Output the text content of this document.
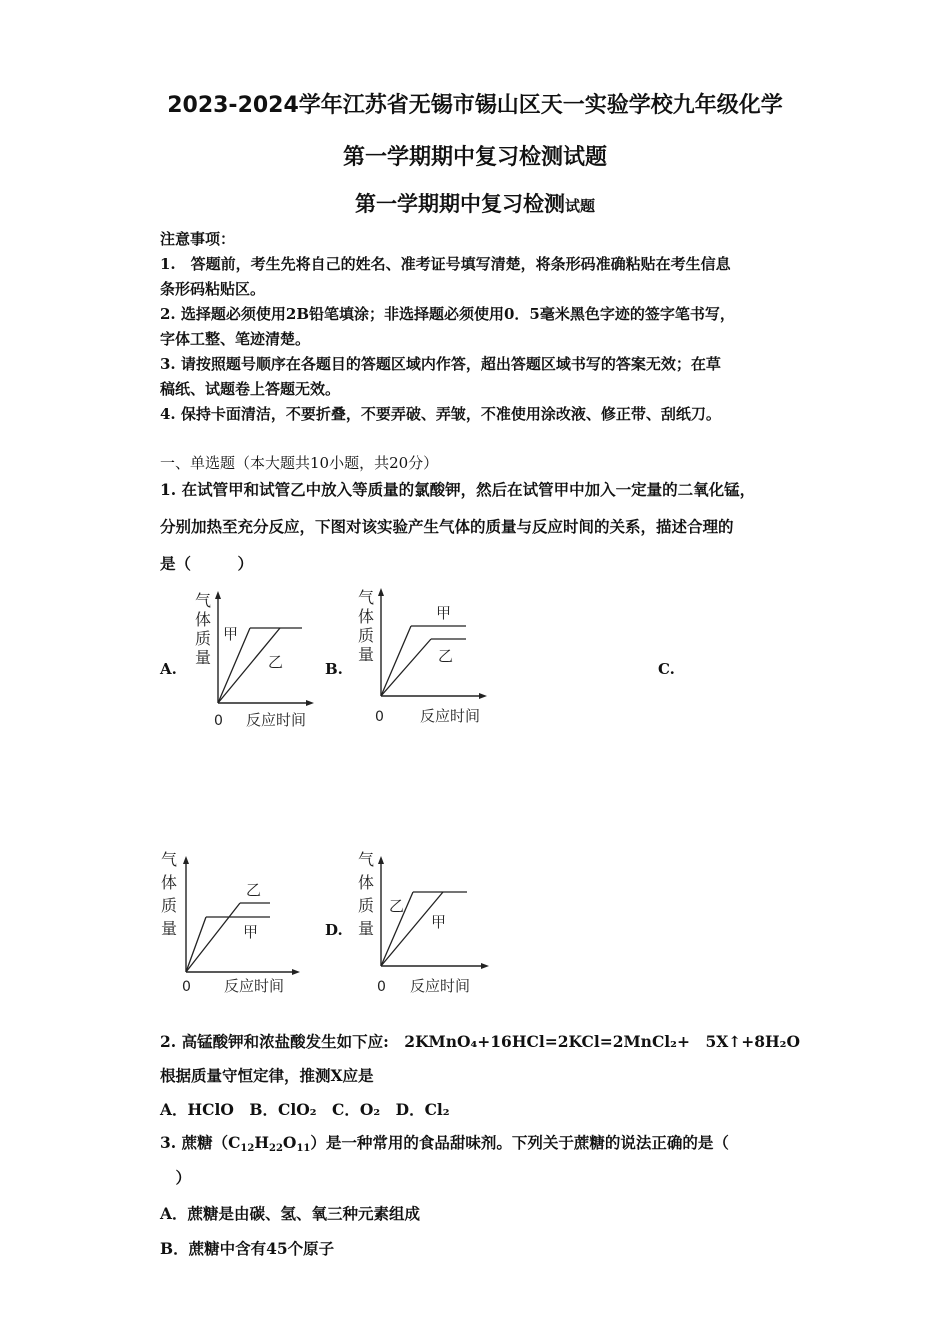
2023-2024学年江苏省无锡市锡山区天一实验学校九年级化学
第一学期期中复习检测试题
第一学期期中复习检测试题
注意事项：
1.　答题前，考生先将自己的姓名、准考证号填写清楚，将条形码准确粘贴在考生信息
条形码粘贴区。
2. 选择题必须使用2B铅笔填涂；非选择题必须使用0．5毫米黑色字迹的签字笔书写，
字体工整、笔迹清楚。
3. 请按照题号顺序在各题目的答题区域内作答，超出答题区域书写的答案无效；在草
稿纸、试题卷上答题无效。
4. 保持卡面清洁，不要折叠，不要弄破、弄皱，不准使用涂改液、修正带、刮纸刀。
一、单选题（本大题共10小题，共20分）
1. 在试管甲和试管乙中放入等质量的氯酸钾，然后在试管甲中加入一定量的二氧化锰，
分别加热至充分反应，下图对该实验产生气体的质量与反应时间的关系，描述合理的
是（　　　）
A.	B.	C.
D.
气
体
质
量
甲
乙
0 反应时间
气
体
质
量
甲
乙
0 反应时间
气
体
质
量
乙
甲
0 反应时间
气
体
质
量
乙
甲
0 反应时间
2. 高锰酸钾和浓盐酸发生如下应:　2KMnO₄+16HCl=2KCl=2MnCl₂+　5X↑+8H₂O
根据质量守恒定律，推测X应是
A．HClO　B．ClO₂　C．O₂　D．Cl₂
3. 蔗糖$(C_{12}H_{22}O_{11})$是一种常用的食品甜味剂。下列关于蔗糖的说法正确的是（
　）
A．蔗糖是由碳、氢、氧三种元素组成
B．蔗糖中含有45个原子
